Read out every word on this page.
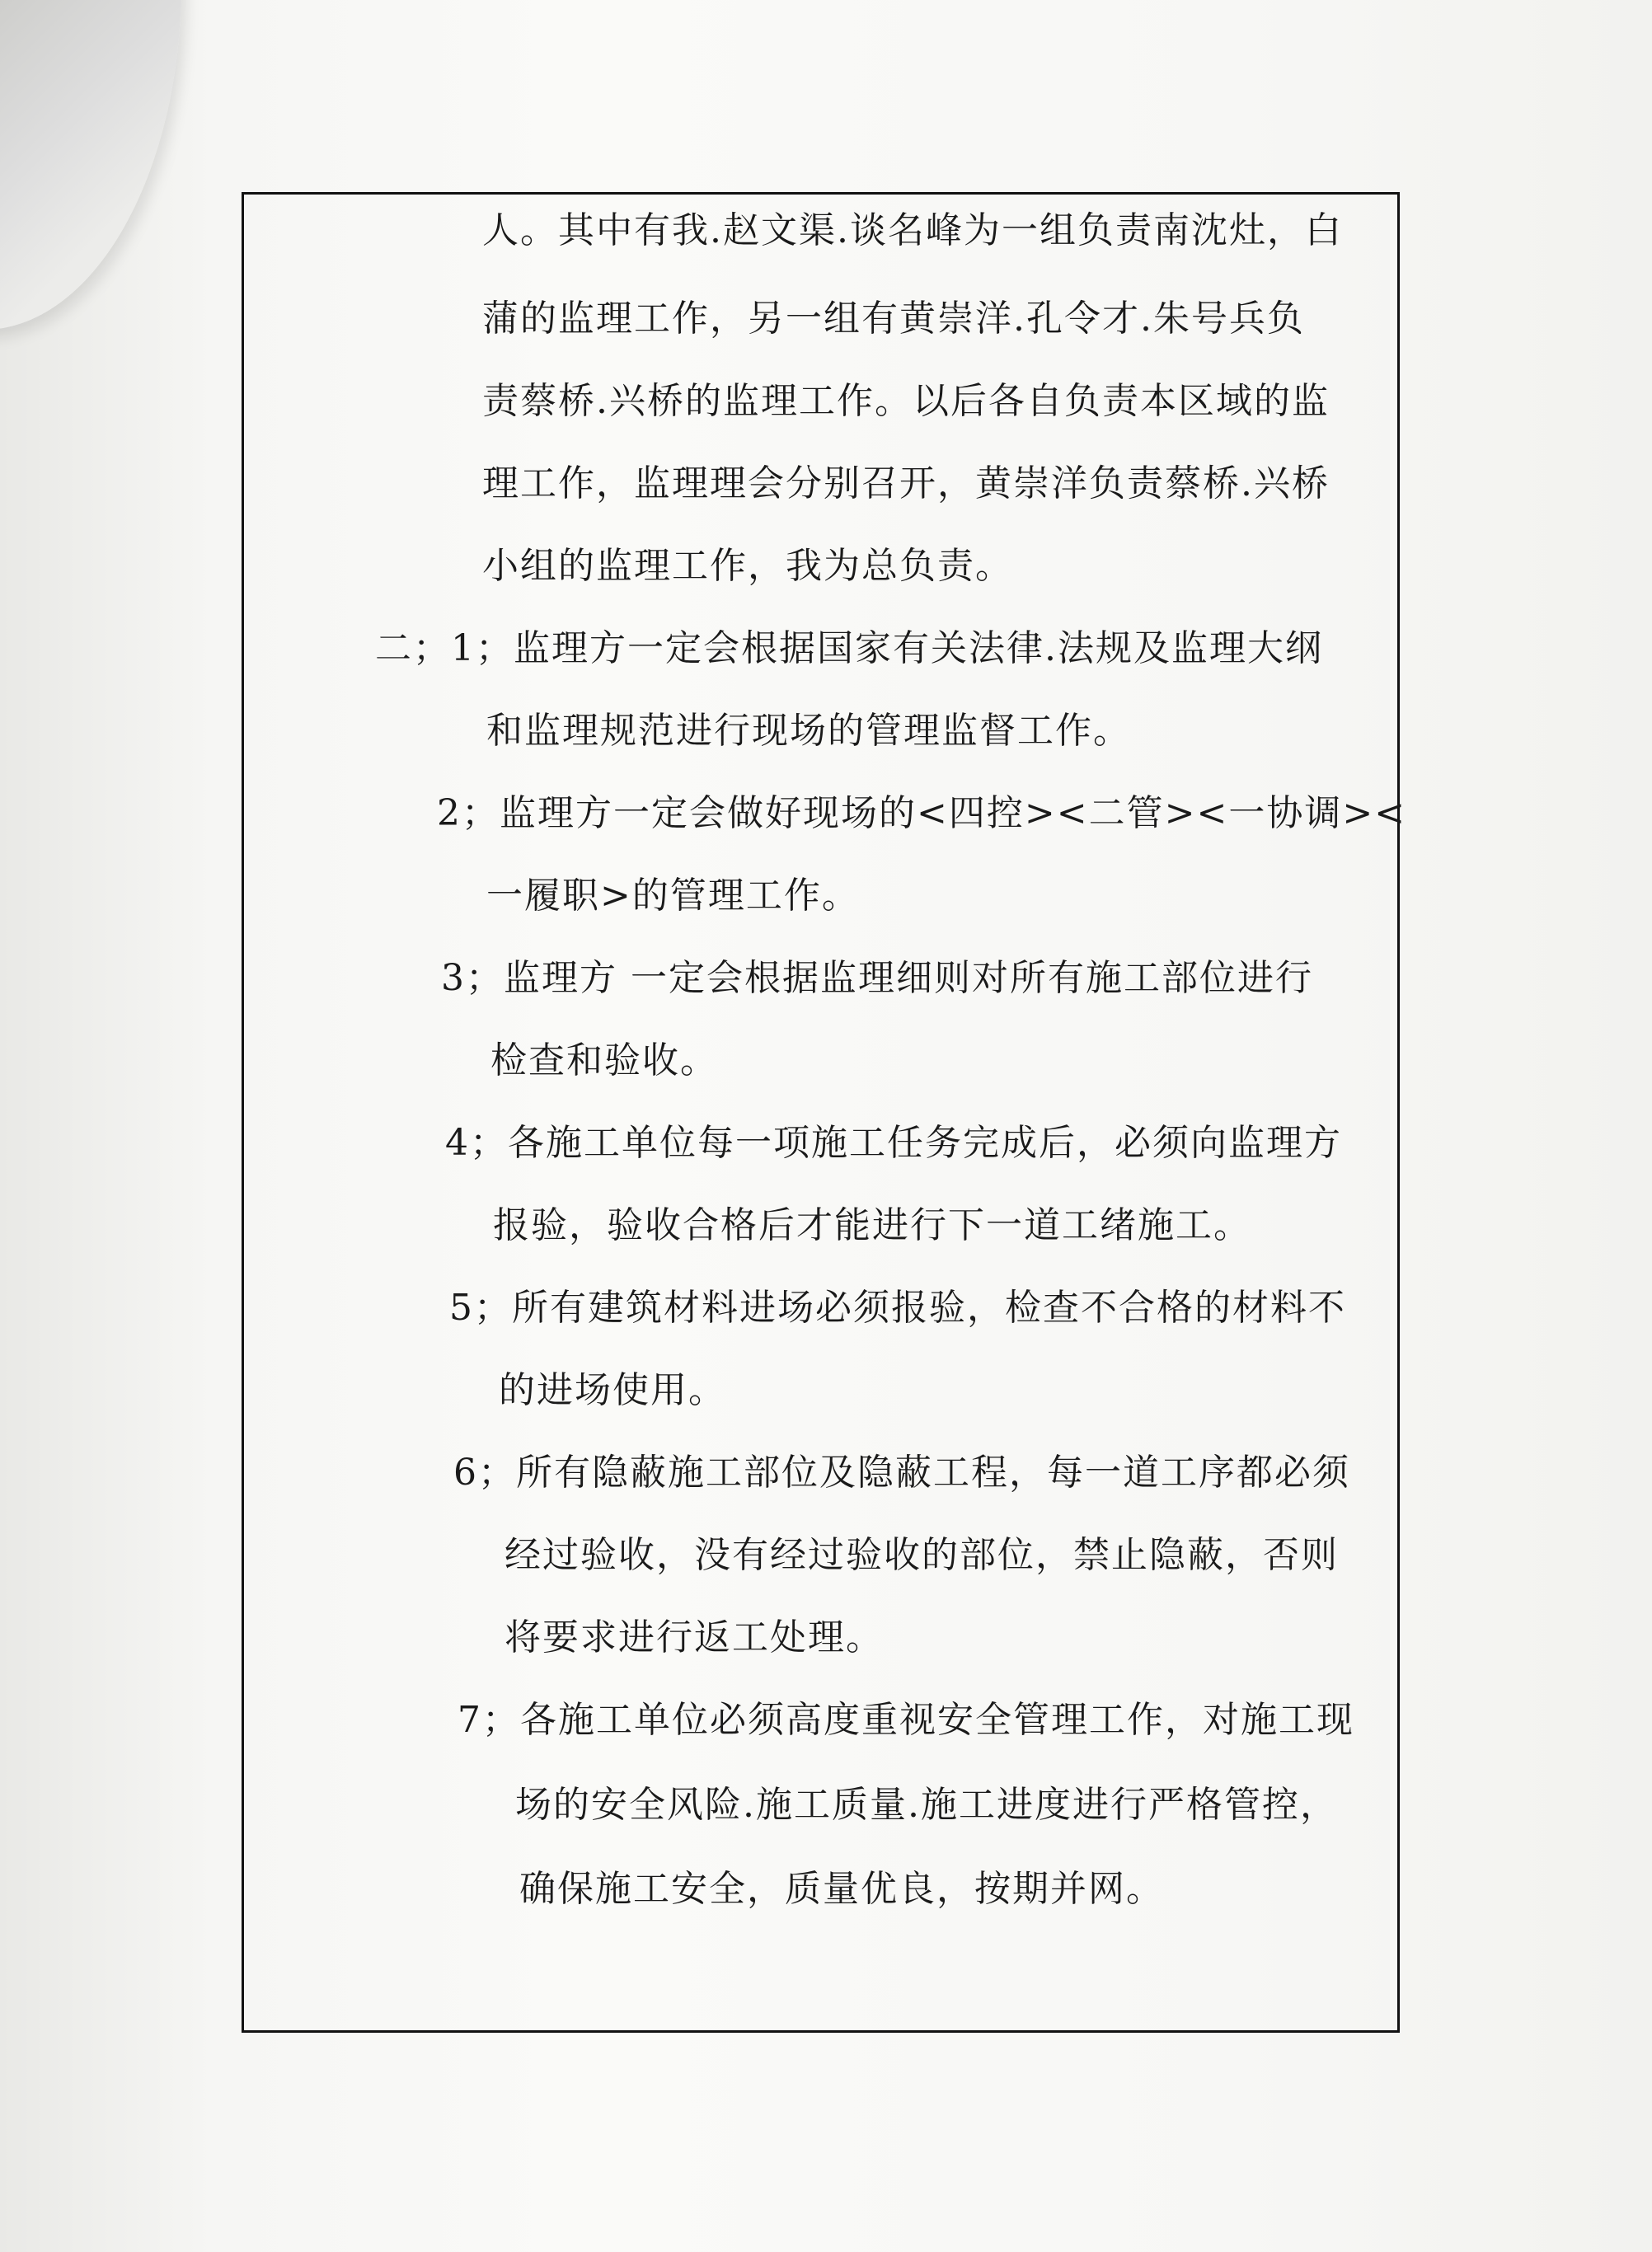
人。其中有我.赵文渠.谈名峰为一组负责南沈灶，白
蒲的监理工作，另一组有黄崇洋.孔令才.朱号兵负
责蔡桥.兴桥的监理工作。以后各自负责本区域的监
理工作，监理理会分别召开，黄崇洋负责蔡桥.兴桥
小组的监理工作，我为总负责。
二；1；监理方一定会根据国家有关法律.法规及监理大纲
和监理规范进行现场的管理监督工作。
2；监理方一定会做好现场的<四控><二管><一协调><
一履职>的管理工作。
3；监理方 一定会根据监理细则对所有施工部位进行
检查和验收。
4；各施工单位每一项施工任务完成后，必须向监理方
报验，验收合格后才能进行下一道工绪施工。
5；所有建筑材料进场必须报验，检查不合格的材料不
的进场使用。
6；所有隐蔽施工部位及隐蔽工程，每一道工序都必须
经过验收，没有经过验收的部位，禁止隐蔽，否则
将要求进行返工处理。
7；各施工单位必须高度重视安全管理工作，对施工现
场的安全风险.施工质量.施工进度进行严格管控，
确保施工安全，质量优良，按期并网。
